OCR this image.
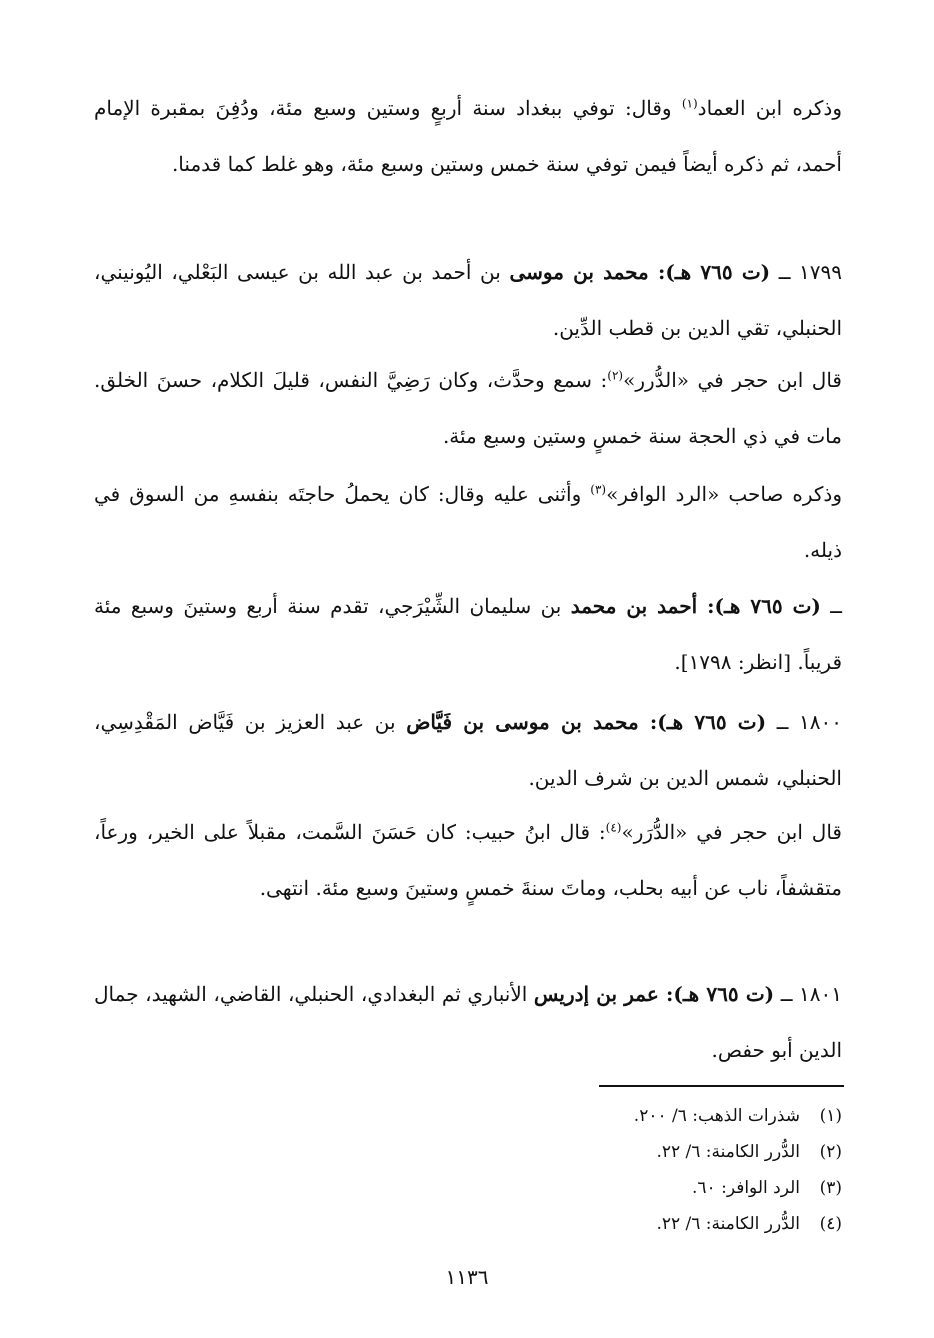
وذكره ابن العماد$^{(١)}$ وقال: توفي ببغداد سنة أربعٍ وستين وسبع مئة، ودُفِنَ بمقبرة الإمام أحمد، ثم ذكره أيضاً فيمن توفي سنة خمس وستين وسبع مئة، وهو غلط كما قدمنا.
١٧٩٩ ــ (ت ٧٦٥ هـ): محمد بن موسى بن أحمد بن عبد الله بن عيسى البَعْلي، اليُونيني، الحنبلي، تقي الدين بن قطب الدِّين.
قال ابن حجر في «الدُّرر»$^{(٢)}$: سمع وحدَّث، وكان رَضِيَّ النفس، قليلَ الكلام، حسنَ الخلق. مات في ذي الحجة سنة خمسٍ وستين وسبع مئة.
وذكره صاحب «الرد الوافر»$^{(٣)}$ وأثنى عليه وقال: كان يحملُ حاجتَه بنفسهِ من السوق في ذيله.
ــ (ت ٧٦٥ هـ): أحمد بن محمد بن سليمان الشِّيْرَجي، تقدم سنة أربع وستينَ وسبع مئة قريباً. [انظر: ١٧٩٨].
١٨٠٠ ــ (ت ٧٦٥ هـ): محمد بن موسى بن فَيَّاض بن عبد العزيز بن فَيَّاض المَقْدِسِي، الحنبلي، شمس الدين بن شرف الدين.
قال ابن حجر في «الدُّرَر»$^{(٤)}$: قال ابنُ حبيب: كان حَسَنَ السَّمت، مقبلاً على الخير، ورعاً، متقشفاً، ناب عن أبيه بحلب، وماتَ سنةَ خمسٍ وستينَ وسبع مئة. انتهى.
١٨٠١ ــ (ت ٧٦٥ هـ): عمر بن إدريس الأنباري ثم البغدادي، الحنبلي، القاضي، الشهيد، جمال الدين أبو حفص.
(١)
شذرات الذهب: ٦/ ٢٠٠.
(٢)
الدُّرر الكامنة: ٦/ ٢٢.
(٣)
الرد الوافر: ٦٠.
(٤)
الدُّرر الكامنة: ٦/ ٢٢.
١١٣٦
